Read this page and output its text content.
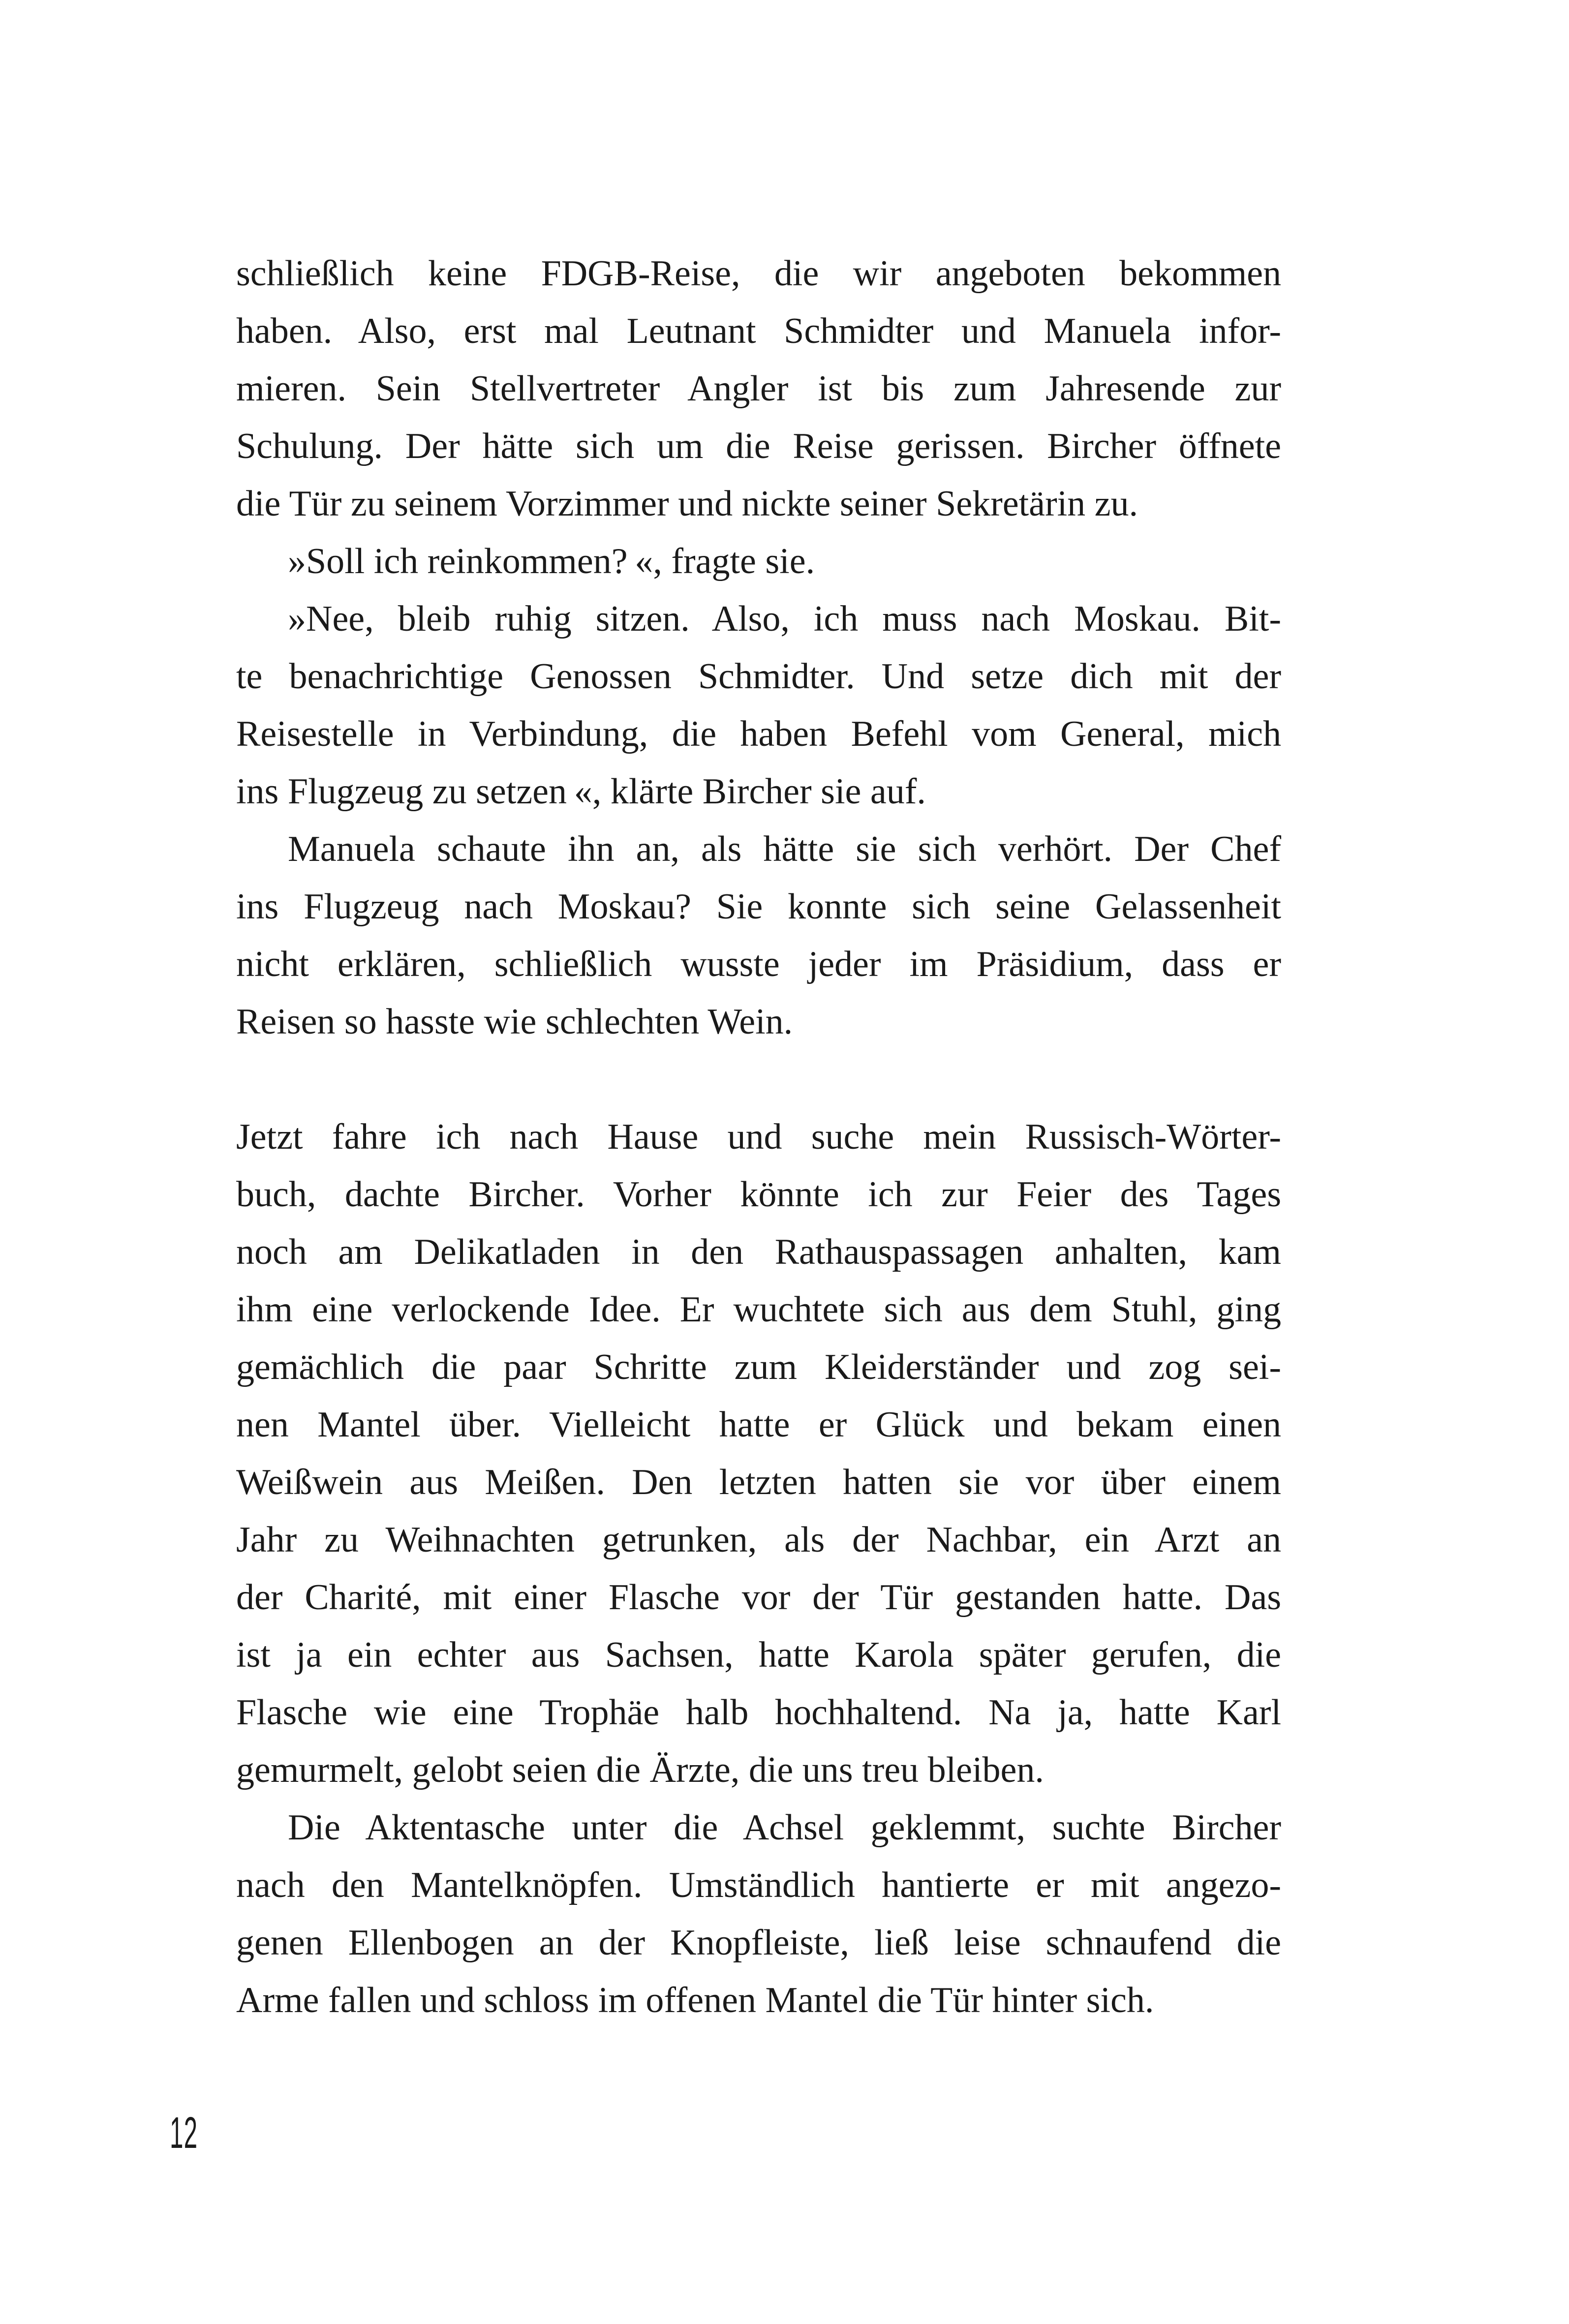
schließlich keine FDGB-Reise, die wir angeboten bekommen
haben. Also, erst mal Leutnant Schmidter und Manuela infor-
mieren. Sein Stellvertreter Angler ist bis zum Jahresende zur
Schulung. Der hätte sich um die Reise gerissen. Bircher öffnete
die Tür zu seinem Vorzimmer und nickte seiner Sekretärin zu.
»Soll ich reinkommen? «, fragte sie.
»Nee, bleib ruhig sitzen. Also, ich muss nach Moskau. Bit-
te benachrichtige Genossen Schmidter. Und setze dich mit der
Reisestelle in Verbindung, die haben Befehl vom General, mich
ins Flugzeug zu setzen «, klärte Bircher sie auf.
Manuela schaute ihn an, als hätte sie sich verhört. Der Chef
ins Flugzeug nach Moskau? Sie konnte sich seine Gelassenheit
nicht erklären, schließlich wusste jeder im Präsidium, dass er
Reisen so hasste wie schlechten Wein.
Jetzt fahre ich nach Hause und suche mein Russisch-Wörter-
buch, dachte Bircher. Vorher könnte ich zur Feier des Tages
noch am Delikatladen in den Rathauspassagen anhalten, kam
ihm eine verlockende Idee. Er wuchtete sich aus dem Stuhl, ging
gemächlich die paar Schritte zum Kleiderständer und zog sei-
nen Mantel über. Vielleicht hatte er Glück und bekam einen
Weißwein aus Meißen. Den letzten hatten sie vor über einem
Jahr zu Weihnachten getrunken, als der Nachbar, ein Arzt an
der Charité, mit einer Flasche vor der Tür gestanden hatte. Das
ist ja ein echter aus Sachsen, hatte Karola später gerufen, die
Flasche wie eine Trophäe halb hochhaltend. Na ja, hatte Karl
gemurmelt, gelobt seien die Ärzte, die uns treu bleiben.
Die Aktentasche unter die Achsel geklemmt, suchte Bircher
nach den Mantelknöpfen. Umständlich hantierte er mit angezo-
genen Ellenbogen an der Knopfleiste, ließ leise schnaufend die
Arme fallen und schloss im offenen Mantel die Tür hinter sich.
12
